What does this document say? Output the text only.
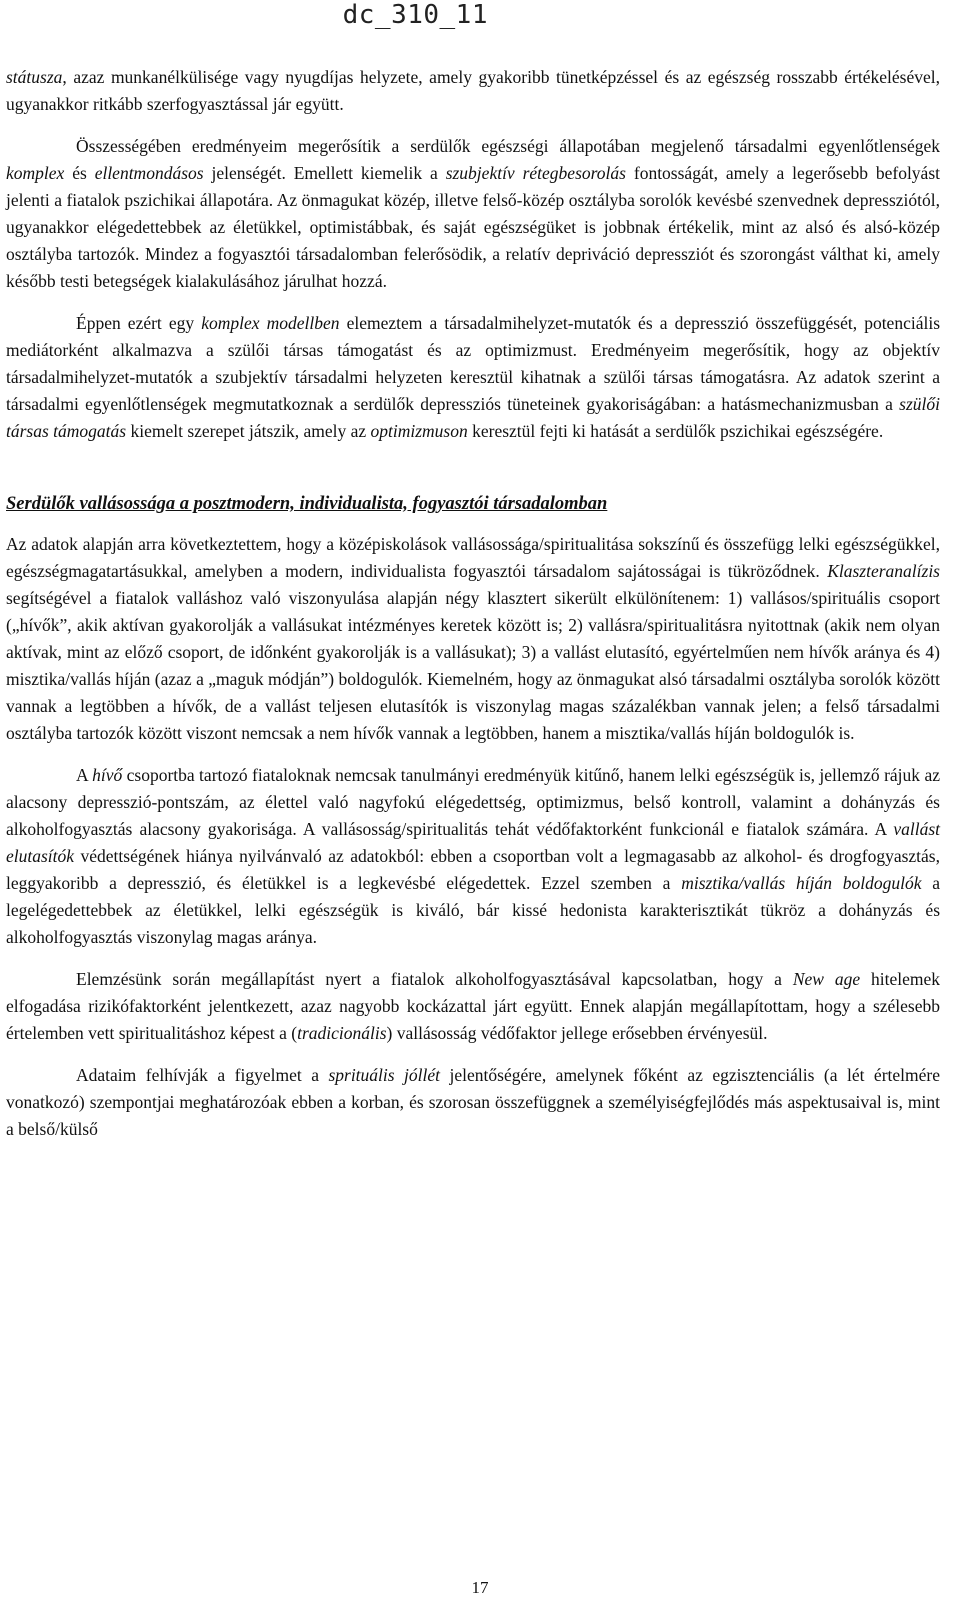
dc_310_11

státusza, azaz munkanélkülisége vagy nyugdíjas helyzete, amely gyakoribb tünetképzéssel és az egészség rosszabb értékelésével, ugyanakkor ritkább szerfogyasztással jár együtt.

Összességében eredményeim megerősítik a serdülők egészségi állapotában megjelenő társadalmi egyenlőtlenségek komplex és ellentmondásos jelenségét. Emellett kiemelik a szubjektív rétegbesorolás fontosságát, amely a legerősebb befolyást jelenti a fiatalok pszichikai állapotára. Az önmagukat közép, illetve felső-közép osztályba sorolók kevésbé szenvednek depressziótól, ugyanakkor elégedettebbek az életükkel, optimistábbak, és saját egészségüket is jobbnak értékelik, mint az alsó és alsó-közép osztályba tartozók. Mindez a fogyasztói társadalomban felerősödik, a relatív depriváció depressziót és szorongást válthat ki, amely később testi betegségek kialakulásához járulhat hozzá.

Éppen ezért egy komplex modellben elemeztem a társadalmihelyzet-mutatók és a depresszió összefüggését, potenciális mediátorként alkalmazva a szülői társas támogatást és az optimizmust. Eredményeim megerősítik, hogy az objektív társadalmihelyzet-mutatók a szubjektív társadalmi helyzeten keresztül kihatnak a szülői társas támogatásra. Az adatok szerint a társadalmi egyenlőtlenségek megmutatkoznak a serdülők depressziós tüneteinek gyakoriságában: a hatásmechanizmusban a szülői társas támogatás kiemelt szerepet játszik, amely az optimizmuson keresztül fejti ki hatását a serdülők pszichikai egészségére.

Serdülők vallásossága a posztmodern, individualista, fogyasztói társadalomban

Az adatok alapján arra következtettem, hogy a középiskolások vallásossága/spiritualitása sokszínű és összefügg lelki egészségükkel, egészségmagatartásukkal, amelyben a modern, individualista fogyasztói társadalom sajátosságai is tükröződnek. Klaszteranalízis segítségével a fiatalok valláshoz való viszonyulása alapján négy klasztert sikerült elkülönítenem: 1) vallásos/spirituális csoport („hívők”, akik aktívan gyakorolják a vallásukat intézményes keretek között is; 2) vallásra/spiritualitásra nyitottnak (akik nem olyan aktívak, mint az előző csoport, de időnként gyakorolják is a vallásukat); 3) a vallást elutasító, egyértelműen nem hívők aránya és 4) misztika/vallás híján (azaz a „maguk módján”) boldogulók. Kiemelném, hogy az önmagukat alsó társadalmi osztályba sorolók között vannak a legtöbben a hívők, de a vallást teljesen elutasítók is viszonylag magas százalékban vannak jelen; a felső társadalmi osztályba tartozók között viszont nemcsak a nem hívők vannak a legtöbben, hanem a misztika/vallás híján boldogulók is.

A hívő csoportba tartozó fiataloknak nemcsak tanulmányi eredményük kitűnő, hanem lelki egészségük is, jellemző rájuk az alacsony depresszió-pontszám, az élettel való nagyfokú elégedettség, optimizmus, belső kontroll, valamint a dohányzás és alkoholfogyasztás alacsony gyakorisága. A vallásosság/spiritualitás tehát védőfaktorként funkcionál e fiatalok számára. A vallást elutasítók védettségének hiánya nyilvánvaló az adatokból: ebben a csoportban volt a legmagasabb az alkohol- és drogfogyasztás, leggyakoribb a depresszió, és életükkel is a legkevésbé elégedettek. Ezzel szemben a misztika/vallás híján boldogulók a legelégedettebbek az életükkel, lelki egészségük is kiváló, bár kissé hedonista karakterisztikát tükröz a dohányzás és alkoholfogyasztás viszonylag magas aránya.

Elemzésünk során megállapítást nyert a fiatalok alkoholfogyasztásával kapcsolatban, hogy a New age hitelemek elfogadása rizikófaktorként jelentkezett, azaz nagyobb kockázattal járt együtt. Ennek alapján megállapítottam, hogy a szélesebb értelemben vett spiritualitáshoz képest a (tradicionális) vallásosság védőfaktor jellege erősebben érvényesül.

Adataim felhívják a figyelmet a sprituális jóllét jelentőségére, amelynek főként az egzisztenciális (a lét értelmére vonatkozó) szempontjai meghatározóak ebben a korban, és szorosan összefüggnek a személyiségfejlődés más aspektusaival is, mint a belső/külső

17
